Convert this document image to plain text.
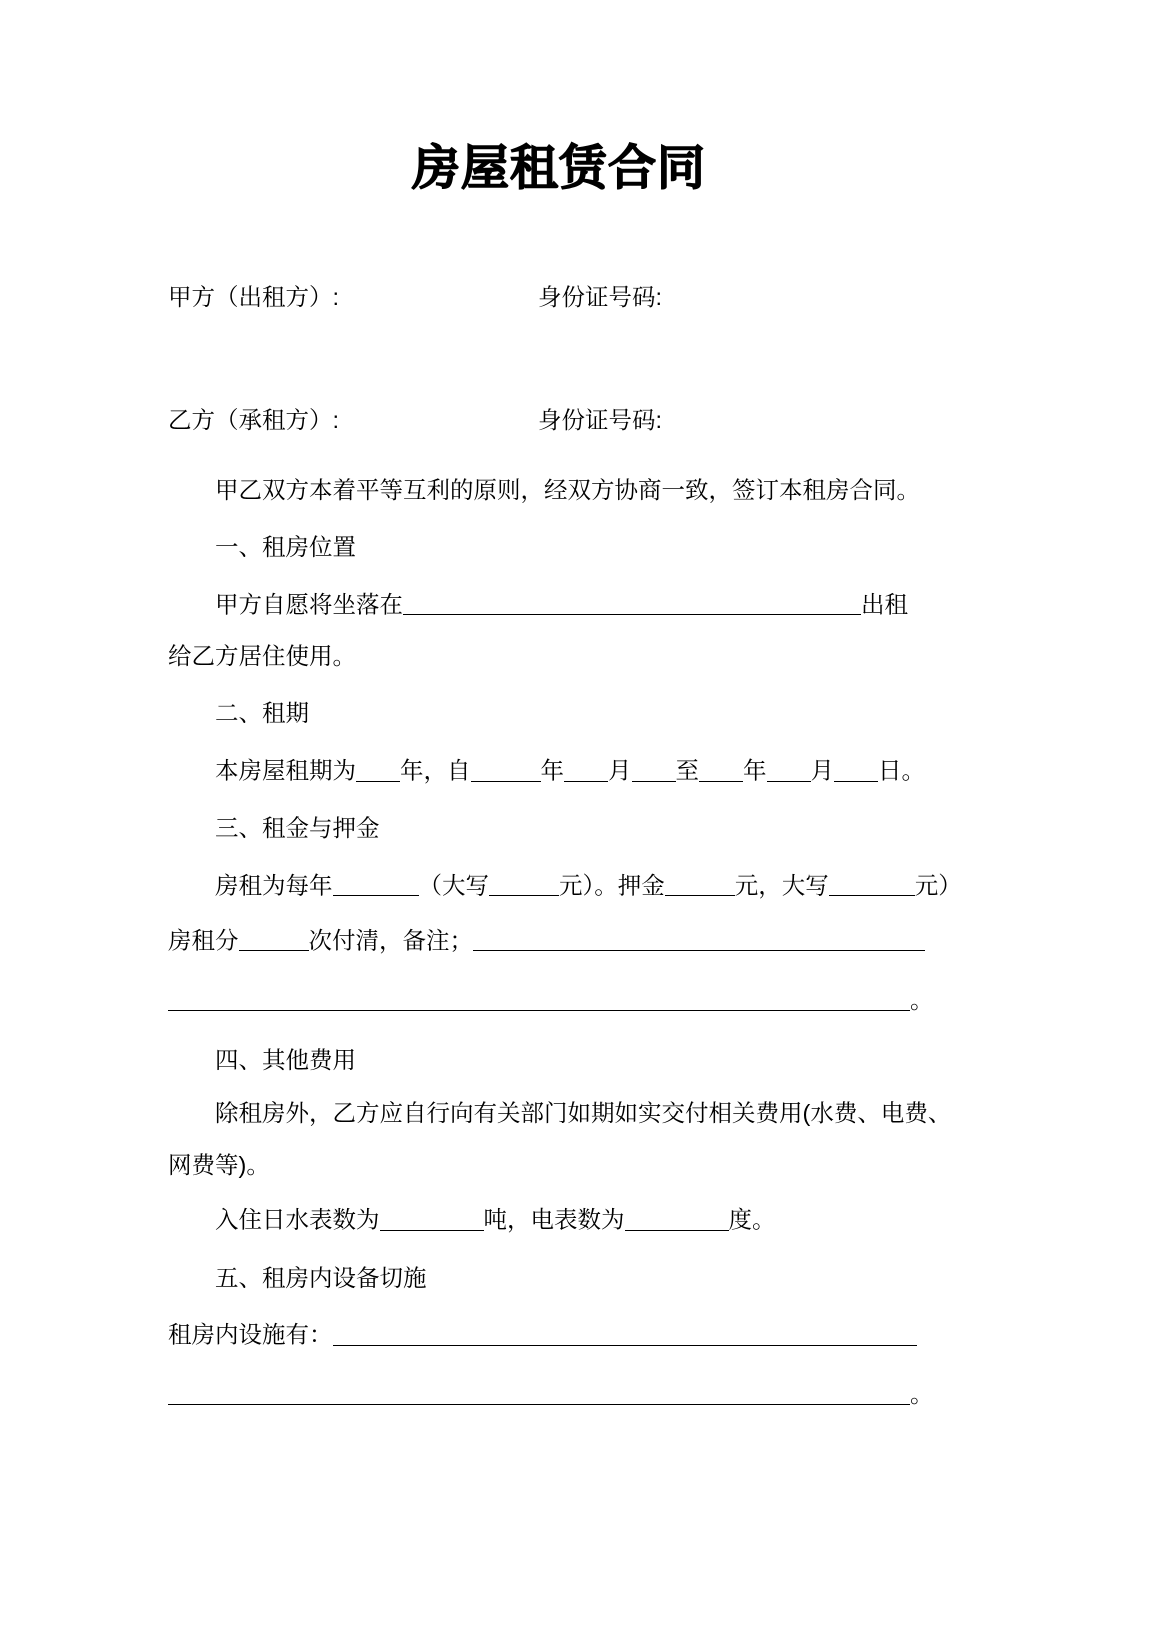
房屋租赁合同
甲方（出租方）:	身份证号码:
乙方（承租方）:	身份证号码:

甲乙双方本着平等互利的原则，经双方协商一致，签订本租房合同。

一、租房位置

甲方自愿将坐落在	出租

给乙方居住使用。

二、租期

本房屋租期为 年，自	年 月 至 年 月 日。

三、租金与押金

房租为每年	（大写	元）。押金	元，大写	元）

房租分	次付清，备注；

。

四、其他费用

除租房外，乙方应自行向有关部门如期如实交付相关费用(水费、电费、

网费等)。

入住日水表数为	吨，电表数为	度。

五、租房内设备切施

租房内设施有：

。
